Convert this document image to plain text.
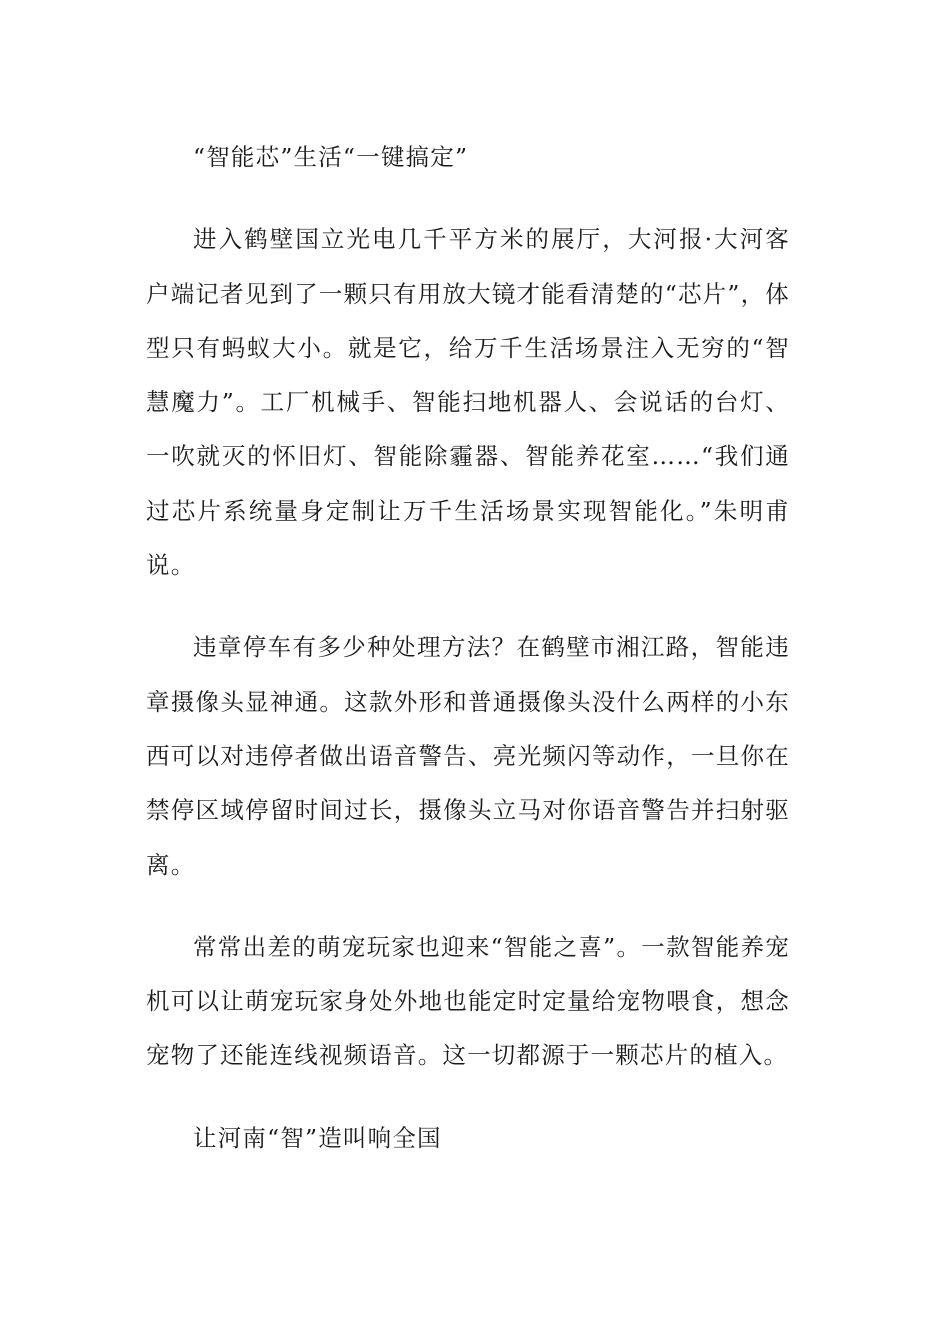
“智能芯”生活“一键搞定”

进入鹤壁国立光电几千平方米的展厅，大河报·大河客户端记者见到了一颗只有用放大镜才能看清楚的“芯片”，体型只有蚂蚁大小。就是它，给万千生活场景注入无穷的“智慧魔力”。工厂机械手、智能扫地机器人、会说话的台灯、一吹就灭的怀旧灯、智能除霾器、智能养花室……“我们通过芯片系统量身定制让万千生活场景实现智能化。”朱明甫说。

违章停车有多少种处理方法？在鹤壁市湘江路，智能违章摄像头显神通。这款外形和普通摄像头没什么两样的小东西可以对违停者做出语音警告、亮光频闪等动作，一旦你在禁停区域停留时间过长，摄像头立马对你语音警告并扫射驱离。

常常出差的萌宠玩家也迎来“智能之喜”。一款智能养宠机可以让萌宠玩家身处外地也能定时定量给宠物喂食，想念宠物了还能连线视频语音。这一切都源于一颗芯片的植入。

让河南“智”造叫响全国
